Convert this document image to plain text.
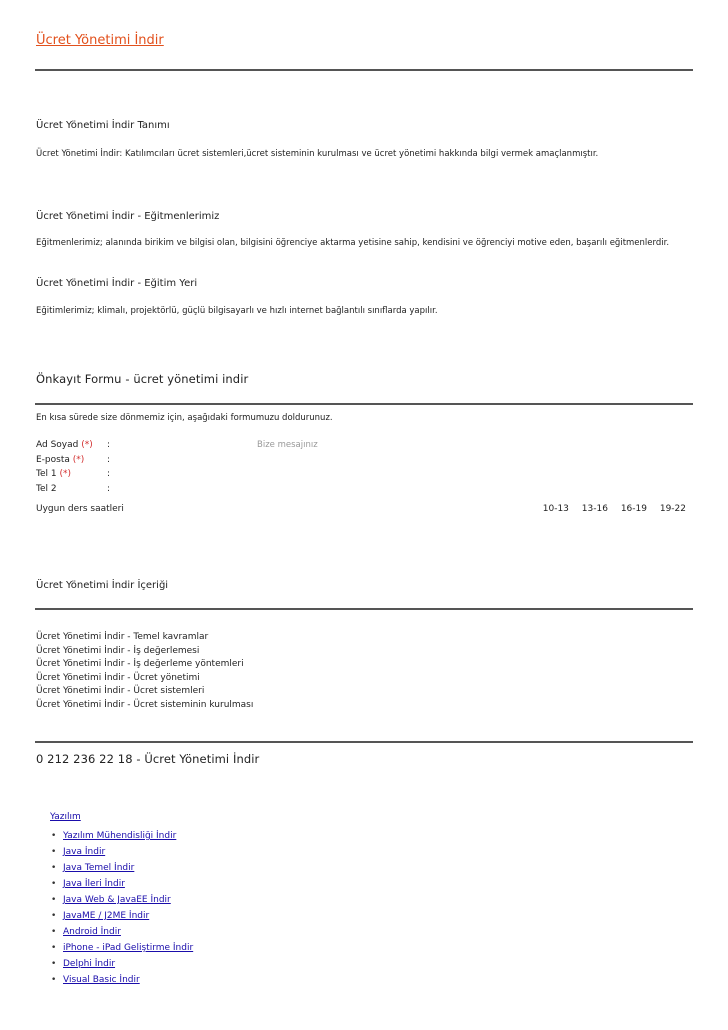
Ücret Yönetimi İndir
Ücret Yönetimi İndir Tanımı
Ücret Yönetimi İndir: Katılımcıları ücret sistemleri,ücret sisteminin kurulması ve ücret yönetimi hakkında bilgi vermek amaçlanmıştır.
Ücret Yönetimi İndir - Eğitmenlerimiz
Eğitmenlerimiz; alanında birikim ve bilgisi olan, bilgisini öğrenciye aktarma yetisine sahip, kendisini ve öğrenciyi motive eden, başarılı eğitmenlerdir.
Ücret Yönetimi İndir - Eğitim Yeri
Eğitimlerimiz; klimalı, projektörlü, güçlü bilgisayarlı ve hızlı internet bağlantılı sınıflarda yapılır.
Önkayıt Formu - ücret yönetimi indir
En kısa sürede size dönmemiz için, aşağıdaki formumuzu doldurunuz.
Ad Soyad (*) :
E-posta (*)	:
Tel 1 (*)	:
Tel 2	:
Bize mesajınız
Uygun ders saatleri	10-13 13-16 16-19 19-22
Ücret Yönetimi İndir İçeriği
Ücret Yönetimi İndir - Temel kavramlar
Ücret Yönetimi İndir - İş değerlemesi
Ücret Yönetimi İndir - İş değerleme yöntemleri
Ücret Yönetimi İndir - Ücret yönetimi
Ücret Yönetimi İndir - Ücret sistemleri
Ücret Yönetimi İndir - Ücret sisteminin kurulması
0 212 236 22 18 - Ücret Yönetimi İndir
Yazılım
• Yazılım Mühendisliği İndir
• Java İndir
• Java Temel İndir
• Java İleri İndir
• Java Web & JavaEE İndir
• JavaME / J2ME İndir
• Android İndir
• iPhone - iPad Geliştirme İndir
• Delphi İndir
• Visual Basic İndir
